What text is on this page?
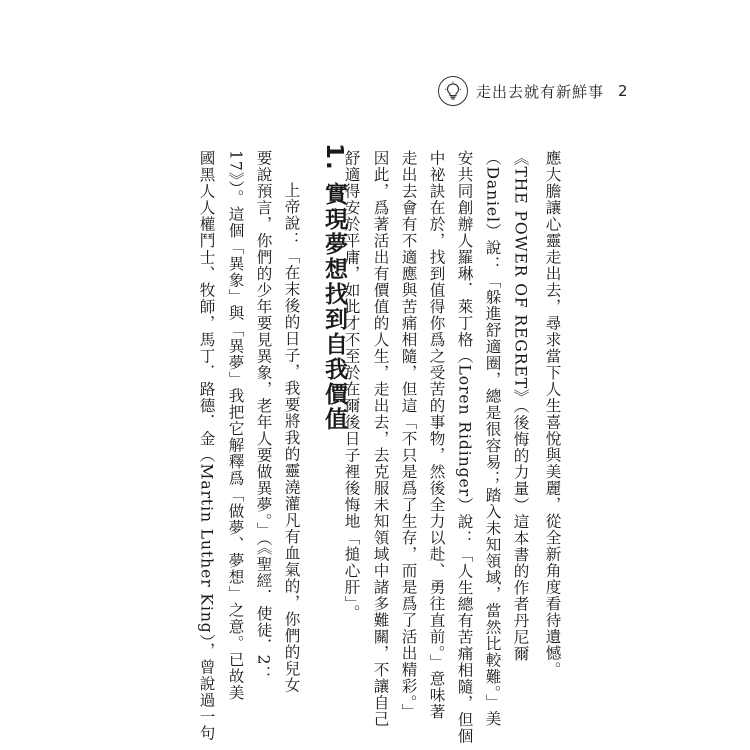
走出去就有新鮮事 2
應大膽讓心靈走出去，尋求當下人生喜悅與美麗，從全新角度看待遺憾。
《THE POWER OF REGRET》（後悔的力量）這本書的作者丹尼爾
（Daniel）說：「躲進舒適圈，總是很容易；踏入未知領域，當然比較難。」美
安共同創辦人羅琳．萊丁格（Loren Ridinger）說：「人生總有苦痛相隨，但個
中祕訣在於，找到值得你爲之受苦的事物，然後全力以赴、勇往直前。」意味著
走出去會有不適應與苦痛相隨，但這「不只是爲了生存，而是爲了活出精彩。」
因此，爲著活出有價值的人生，走出去，去克服未知領域中諸多難關，不讓自己
舒適得安於平庸，如此才不至於在爾後日子裡後悔地「搥心肝」。
1. 實現夢想找到自我價值
上帝說：「在末後的日子，我要將我的靈澆灌凡有血氣的，你們的兒女
要說預言，你們的少年要見異象，老年人要做異夢。」（《聖經．使徒．2：
17》）。這個「異象」與「異夢」我把它解釋爲「做夢、夢想」之意。已故美
國黑人人權鬥士、牧師，馬丁．路德．金（Martin Luther King），曾說過一句
